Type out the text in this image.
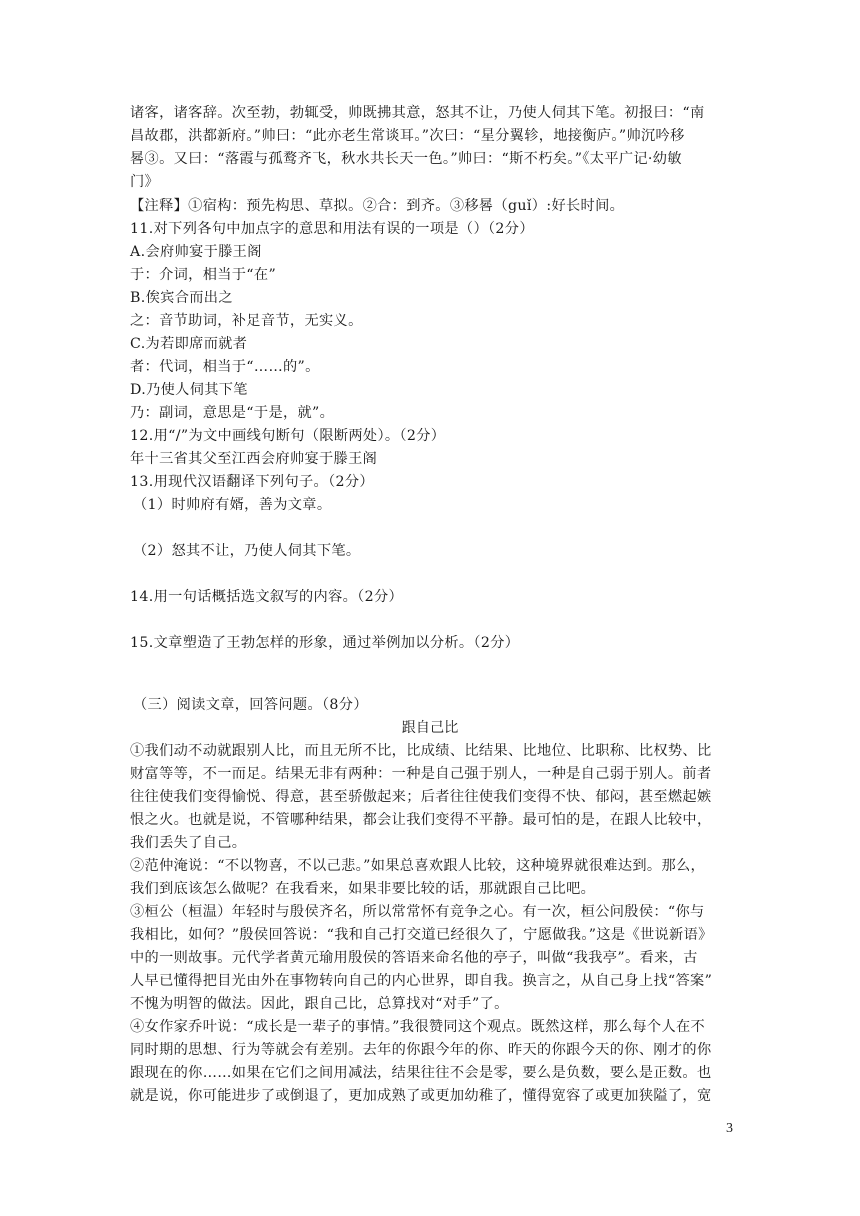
诸客，诸客辞。次至勃，勃辄受，帅既拂其意，怒其不让，乃使人伺其下笔。初报曰：“南
昌故郡，洪都新府。”帅曰：“此亦老生常谈耳。”次曰：“星分翼轸，地接衡庐。”帅沉吟移
晷③。又曰：“落霞与孤鹜齐飞，秋水共长天一色。”帅曰：“斯不朽矣。”《太平广记·幼敏
门》
【注释】①宿构：预先构思、草拟。②合：到齐。③移晷（guǐ）:好长时间。
11.对下列各句中加点字的意思和用法有误的一项是（）（2分）
A.会府帅宴于滕王阁
于：介词，相当于“在”
B.俟宾合而出之
之：音节助词，补足音节，无实义。
C.为若即席而就者
者：代词，相当于“……的”。
D.乃使人伺其下笔
乃：副词，意思是“于是，就”。
12.用“/”为文中画线句断句（限断两处）。（2分）
年十三省其父至江西会府帅宴于滕王阁
13.用现代汉语翻译下列句子。（2分）
（1）时帅府有婿，善为文章。
（2）怒其不让，乃使人伺其下笔。
14.用一句话概括选文叙写的内容。（2分）
15.文章塑造了王勃怎样的形象，通过举例加以分析。（2分）
（三）阅读文章，回答问题。（8分）
跟自己比
①我们动不动就跟别人比，而且无所不比，比成绩、比结果、比地位、比职称、比权势、比
财富等等，不一而足。结果无非有两种：一种是自己强于别人，一种是自己弱于别人。前者
往往使我们变得愉悦、得意，甚至骄傲起来；后者往往使我们变得不快、郁闷，甚至燃起嫉
恨之火。也就是说，不管哪种结果，都会让我们变得不平静。最可怕的是，在跟人比较中，
我们丢失了自己。
②范仲淹说：“不以物喜，不以己悲。”如果总喜欢跟人比较，这种境界就很难达到。那么，
我们到底该怎么做呢？在我看来，如果非要比较的话，那就跟自己比吧。
③桓公（桓温）年轻时与殷侯齐名，所以常常怀有竞争之心。有一次，桓公问殷侯：“你与
我相比，如何？”殷侯回答说：“我和自己打交道已经很久了，宁愿做我。”这是《世说新语》
中的一则故事。元代学者黄元瑜用殷侯的答语来命名他的亭子，叫做“我我亭”。看来，古
人早已懂得把目光由外在事物转向自己的内心世界，即自我。换言之，从自己身上找“答案”
不愧为明智的做法。因此，跟自己比，总算找对“对手”了。
④女作家乔叶说：“成长是一辈子的事情。”我很赞同这个观点。既然这样，那么每个人在不
同时期的思想、行为等就会有差别。去年的你跟今年的你、昨天的你跟今天的你、刚才的你
跟现在的你……如果在它们之间用减法，结果往往不会是零，要么是负数，要么是正数。也
就是说，你可能进步了或倒退了，更加成熟了或更加幼稚了，懂得宽容了或更加狭隘了，宽
3
